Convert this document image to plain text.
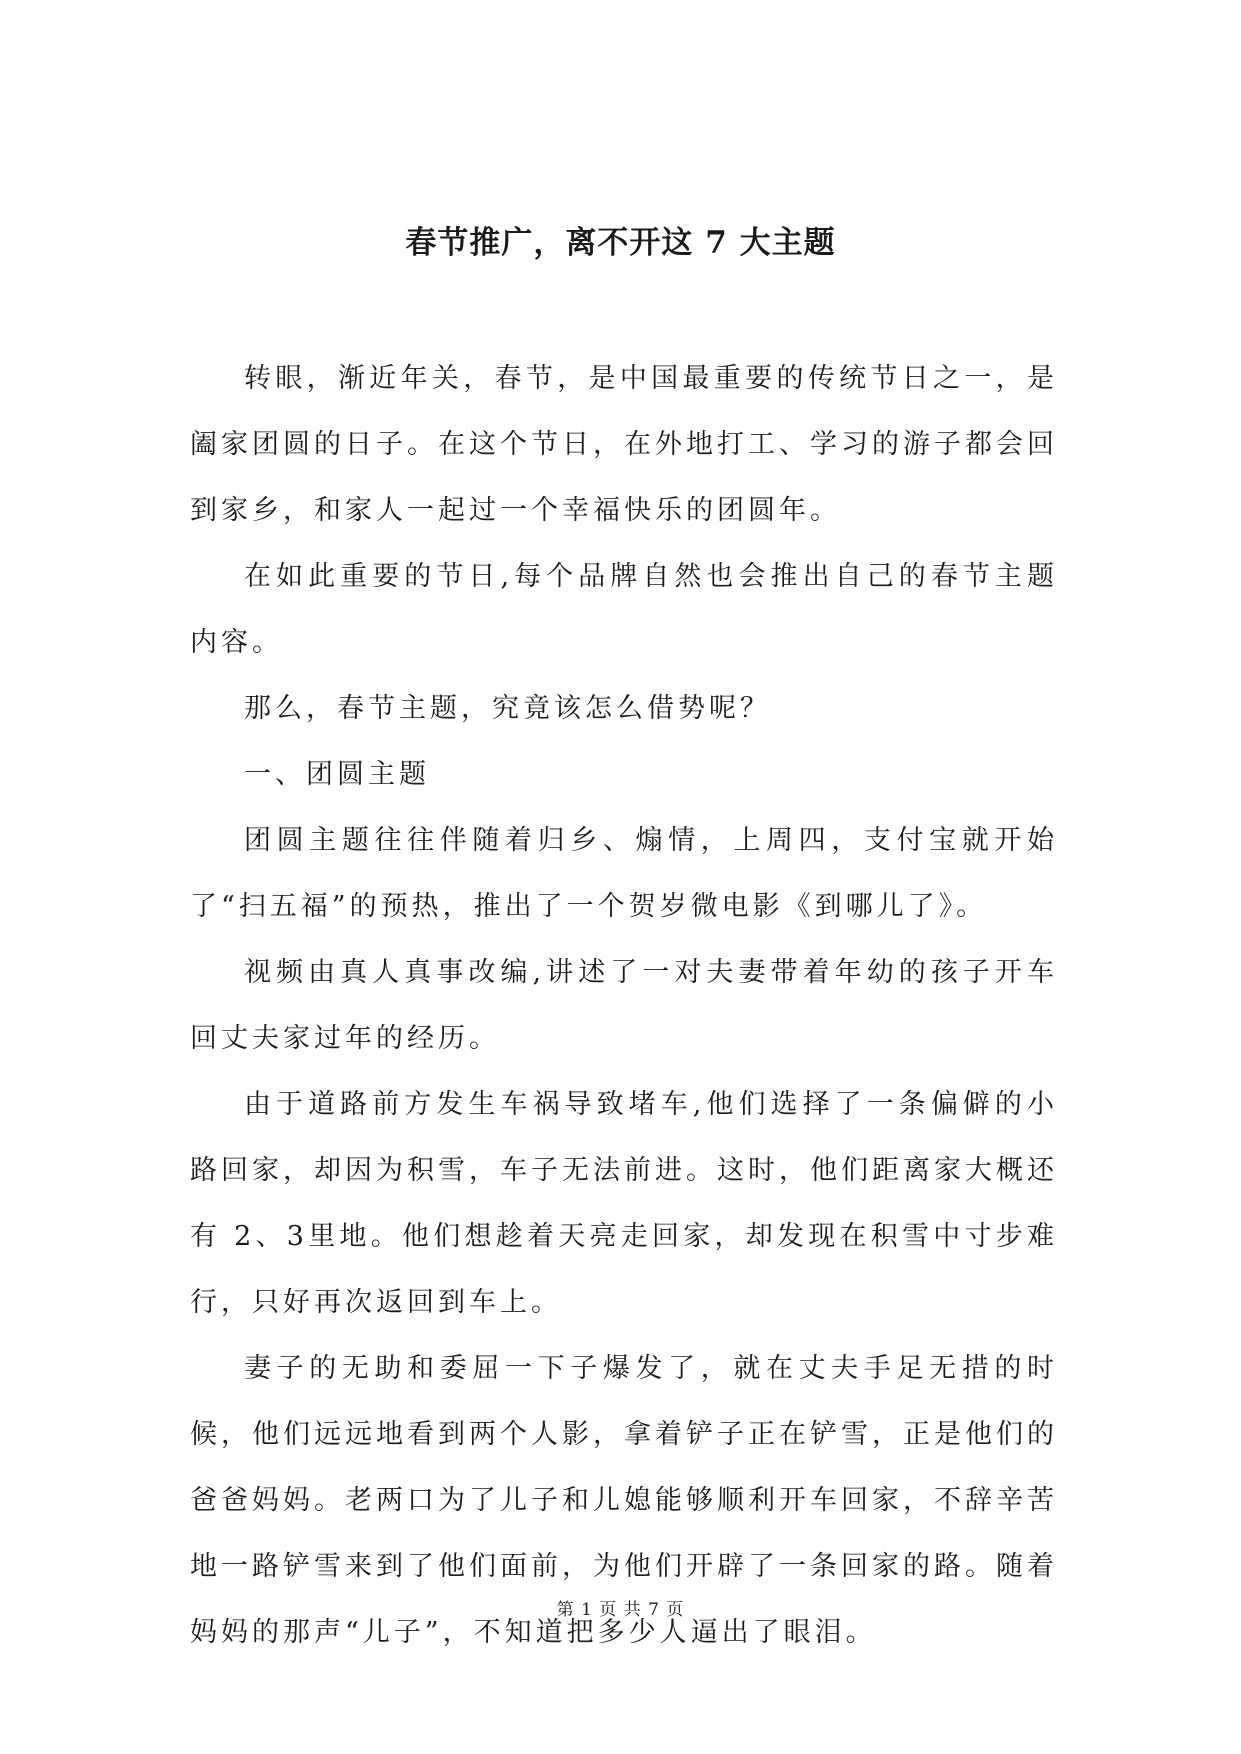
春节推广，离不开这 7 大主题

转眼，渐近年关，春节，是中国最重要的传统节日之一，是阖家团圆的日子。在这个节日，在外地打工、学习的游子都会回到家乡，和家人一起过一个幸福快乐的团圆年。

在如此重要的节日,每个品牌自然也会推出自己的春节主题内容。

那么，春节主题，究竟该怎么借势呢？

一、团圆主题

团圆主题往往伴随着归乡、煽情，上周四，支付宝就开始了“扫五福”的预热，推出了一个贺岁微电影《到哪儿了》。

视频由真人真事改编,讲述了一对夫妻带着年幼的孩子开车回丈夫家过年的经历。

由于道路前方发生车祸导致堵车,他们选择了一条偏僻的小路回家，却因为积雪，车子无法前进。这时，他们距离家大概还有 2、3里地。他们想趁着天亮走回家，却发现在积雪中寸步难行，只好再次返回到车上。

妻子的无助和委屈一下子爆发了，就在丈夫手足无措的时候，他们远远地看到两个人影，拿着铲子正在铲雪，正是他们的爸爸妈妈。老两口为了儿子和儿媳能够顺利开车回家，不辞辛苦地一路铲雪来到了他们面前，为他们开辟了一条回家的路。随着妈妈的那声“儿子”，不知道把多少人逼出了眼泪。

第 1 页 共 7 页
